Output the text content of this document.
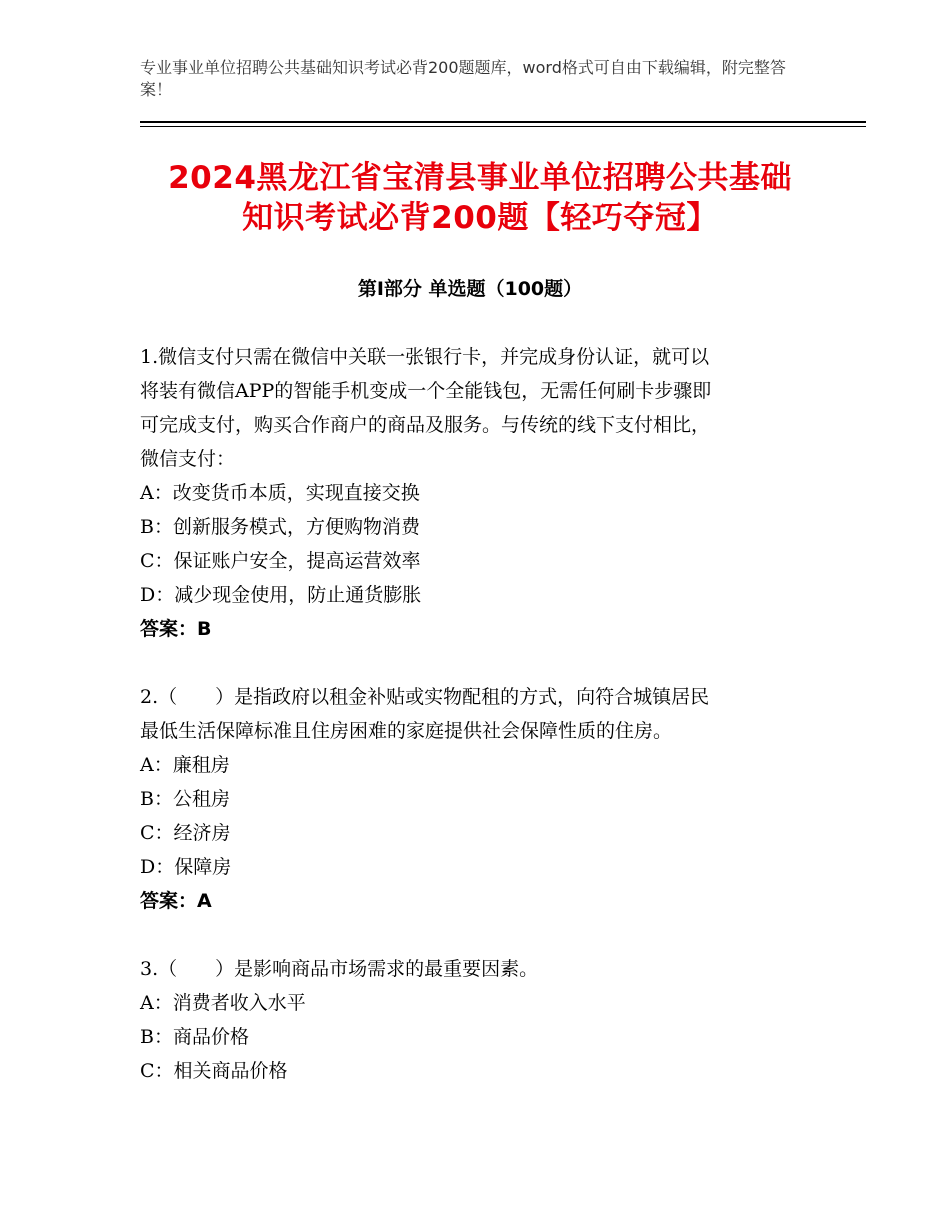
专业事业单位招聘公共基础知识考试必背200题题库，word格式可自由下载编辑，附完整答案！
2024黑龙江省宝清县事业单位招聘公共基础
知识考试必背200题【轻巧夺冠】
第Ⅰ部分 单选题（100题）

1.微信支付只需在微信中关联一张银行卡，并完成身份认证，就可以

将装有微信APP的智能手机变成一个全能钱包，无需任何刷卡步骤即

可完成支付，购买合作商户的商品及服务。与传统的线下支付相比，

微信支付：

A：改变货币本质，实现直接交换

B：创新服务模式，方便购物消费

C：保证账户安全，提高运营效率

D：减少现金使用，防止通货膨胀

答案：B

2.（　　）是指政府以租金补贴或实物配租的方式，向符合城镇居民

最低生活保障标准且住房困难的家庭提供社会保障性质的住房。

A：廉租房

B：公租房

C：经济房

D：保障房

答案：A

3.（　　）是影响商品市场需求的最重要因素。

A：消费者收入水平

B：商品价格

C：相关商品价格
